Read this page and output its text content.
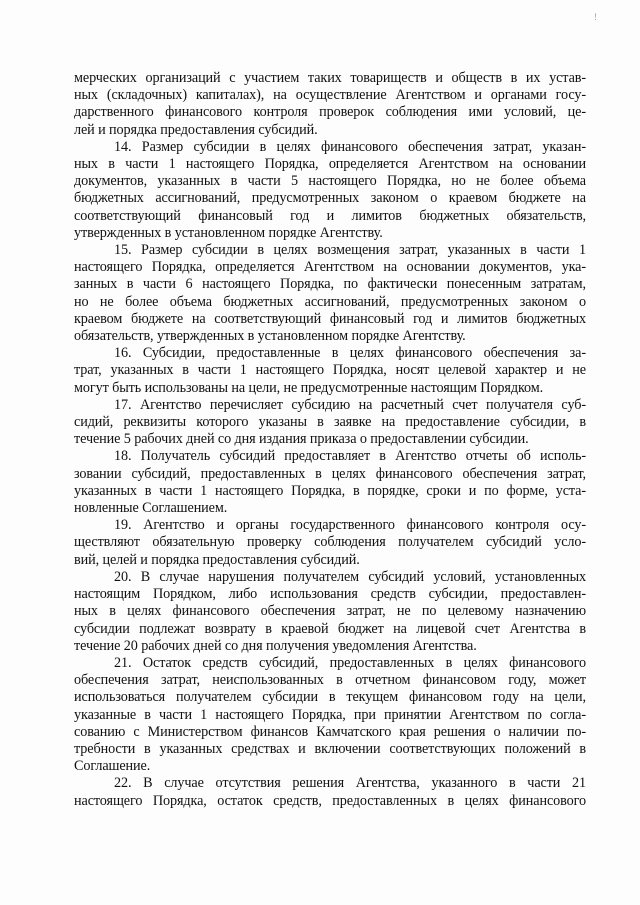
!

мерческих организаций с участием таких товариществ и обществ в их устав-
ных (складочных) капиталах), на осуществление Агентством и органами госу-
дарственного финансового контроля проверок соблюдения ими условий, це-
лей и порядка предоставления субсидий.

14. Размер субсидии в целях финансового обеспечения затрат, указан-
ных в части 1 настоящего Порядка, определяется Агентством на основании
документов, указанных в части 5 настоящего Порядка, но не более объема
бюджетных ассигнований, предусмотренных законом о краевом бюджете на
соответствующий финансовый год и лимитов бюджетных обязательств,
утвержденных в установленном порядке Агентству.

15. Размер субсидии в целях возмещения затрат, указанных в части 1
настоящего Порядка, определяется Агентством на основании документов, ука-
занных в части 6 настоящего Порядка, по фактически понесенным затратам,
но не более объема бюджетных ассигнований, предусмотренных законом о
краевом бюджете на соответствующий финансовый год и лимитов бюджетных
обязательств, утвержденных в установленном порядке Агентству.

16. Субсидии, предоставленные в целях финансового обеспечения за-
трат, указанных в части 1 настоящего Порядка, носят целевой характер и не
могут быть использованы на цели, не предусмотренные настоящим Порядком.

17. Агентство перечисляет субсидию на расчетный счет получателя суб-
сидий, реквизиты которого указаны в заявке на предоставление субсидии, в
течение 5 рабочих дней со дня издания приказа о предоставлении субсидии.

18. Получатель субсидий предоставляет в Агентство отчеты об исполь-
зовании субсидий, предоставленных в целях финансового обеспечения затрат,
указанных в части 1 настоящего Порядка, в порядке, сроки и по форме, уста-
новленные Соглашением.

19. Агентство и органы государственного финансового контроля осу-
ществляют обязательную проверку соблюдения получателем субсидий усло-
вий, целей и порядка предоставления субсидий.

20. В случае нарушения получателем субсидий условий, установленных
настоящим Порядком, либо использования средств субсидии, предоставлен-
ных в целях финансового обеспечения затрат, не по целевому назначению
субсидии подлежат возврату в краевой бюджет на лицевой счет Агентства в
течение 20 рабочих дней со дня получения уведомления Агентства.

21. Остаток средств субсидий, предоставленных в целях финансового
обеспечения затрат, неиспользованных в отчетном финансовом году, может
использоваться получателем субсидии в текущем финансовом году на цели,
указанные в части 1 настоящего Порядка, при принятии Агентством по согла-
сованию с Министерством финансов Камчатского края решения о наличии по-
требности в указанных средствах и включении соответствующих положений в
Соглашение.

22. В случае отсутствия решения Агентства, указанного в части 21
настоящего Порядка, остаток средств, предоставленных в целях финансового
